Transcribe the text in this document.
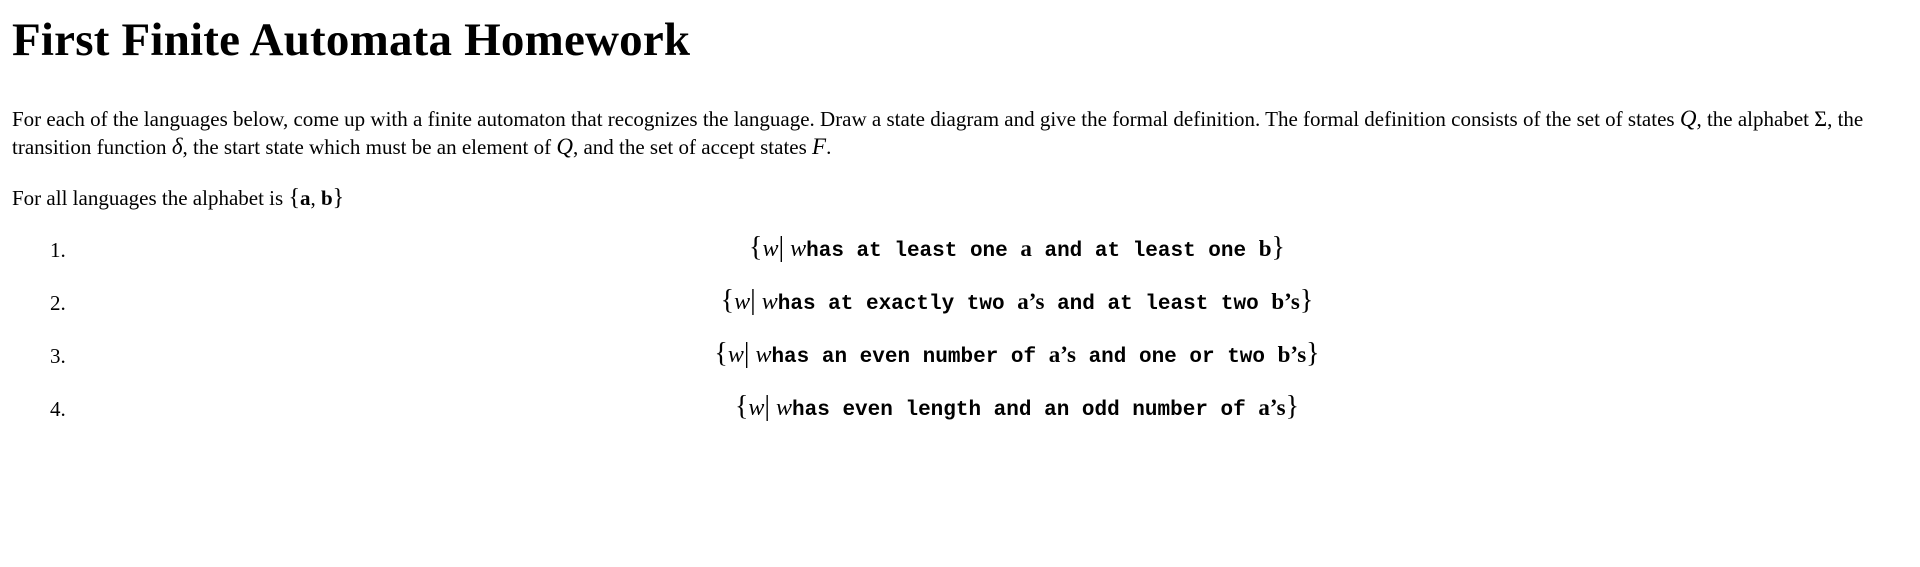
First Finite Automata Homework

For each of the languages below, come up with a finite automaton that recognizes the language. Draw a state diagram and give the formal definition. The formal definition consists of the set of states Q, the alphabet Σ, the transition function δ, the start state which must be an element of Q, and the set of accept states F.

For all languages the alphabet is {a, b}

1.	{w| whas at least one a and at least one b}
2.	{w| whas at exactly two a’s and at least two b’s}
3.	{w| whas an even number of a’s and one or two b’s}
4.	{w| whas even length and an odd number of a’s}
